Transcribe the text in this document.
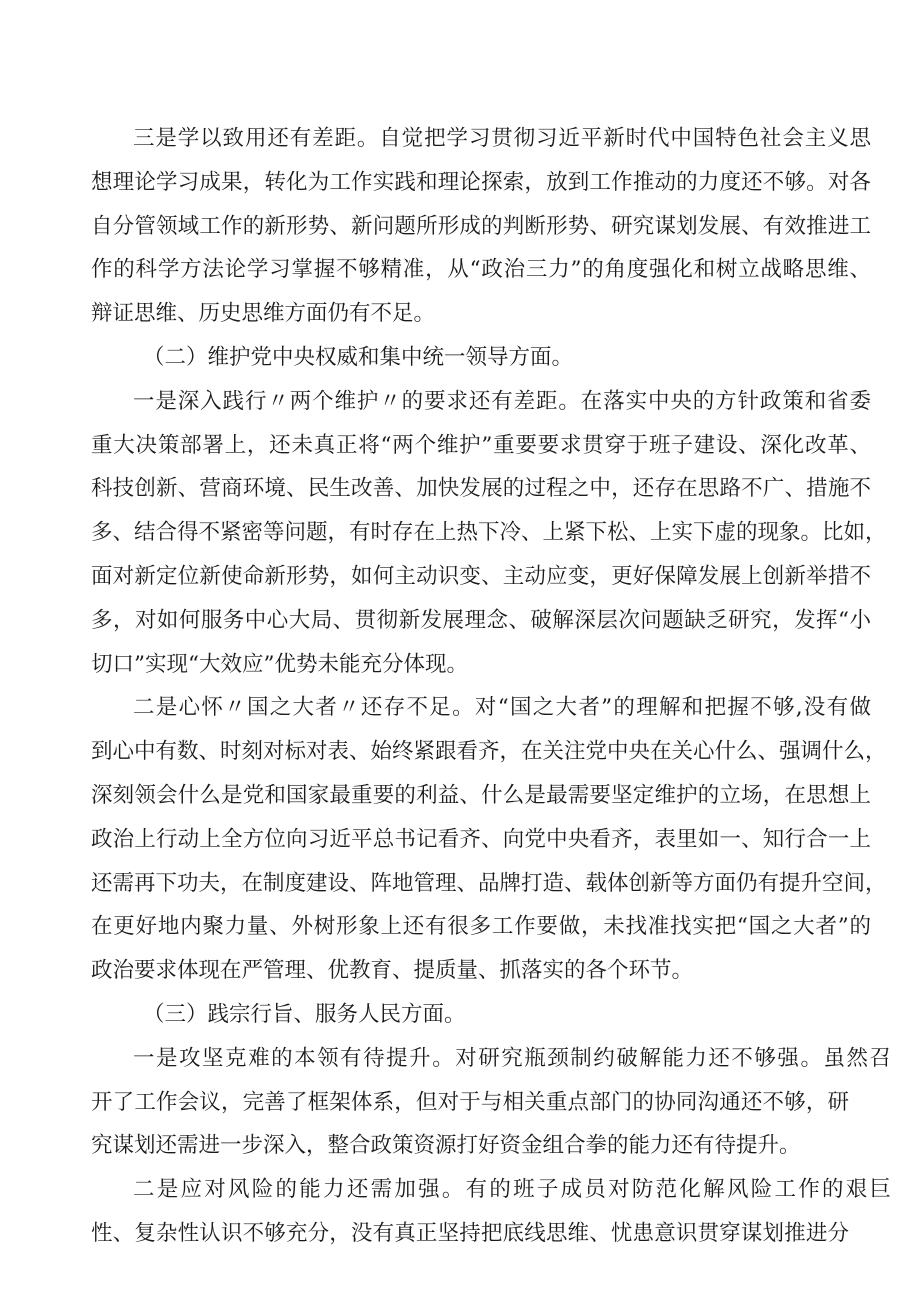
三是学以致用还有差距。自觉把学习贯彻习近平新时代中国特色社会主义思
想理论学习成果，转化为工作实践和理论探索，放到工作推动的力度还不够。对各
自分管领域工作的新形势、新问题所形成的判断形势、研究谋划发展、有效推进工
作的科学方法论学习掌握不够精准，从“政治三力”的角度强化和树立战略思维、
辩证思维、历史思维方面仍有不足。
（二）维护党中央权威和集中统一领导方面。
一是深入践行〃两个维护〃的要求还有差距。在落实中央的方针政策和省委
重大决策部署上，还未真正将“两个维护”重要要求贯穿于班子建设、深化改革、
科技创新、营商环境、民生改善、加快发展的过程之中，还存在思路不广、措施不
多、结合得不紧密等问题，有时存在上热下冷、上紧下松、上实下虚的现象。比如，
面对新定位新使命新形势，如何主动识变、主动应变，更好保障发展上创新举措不
多，对如何服务中心大局、贯彻新发展理念、破解深层次问题缺乏研究，发挥“小
切口”实现“大效应”优势未能充分体现。
二是心怀〃国之大者〃还存不足。对“国之大者”的理解和把握不够,没有做
到心中有数、时刻对标对表、始终紧跟看齐，在关注党中央在关心什么、强调什么，
深刻领会什么是党和国家最重要的利益、什么是最需要坚定维护的立场，在思想上
政治上行动上全方位向习近平总书记看齐、向党中央看齐，表里如一、知行合一上
还需再下功夫，在制度建设、阵地管理、品牌打造、载体创新等方面仍有提升空间，
在更好地内聚力量、外树形象上还有很多工作要做，未找准找实把“国之大者”的
政治要求体现在严管理、优教育、提质量、抓落实的各个环节。
（三）践宗行旨、服务人民方面。
一是攻坚克难的本领有待提升。对研究瓶颈制约破解能力还不够强。虽然召
开了工作会议，完善了框架体系，但对于与相关重点部门的协同沟通还不够，研
究谋划还需进一步深入，整合政策资源打好资金组合拳的能力还有待提升。
二是应对风险的能力还需加强。有的班子成员对防范化解风险工作的艰巨
性、复杂性认识不够充分，没有真正坚持把底线思维、忧患意识贯穿谋划推进分
